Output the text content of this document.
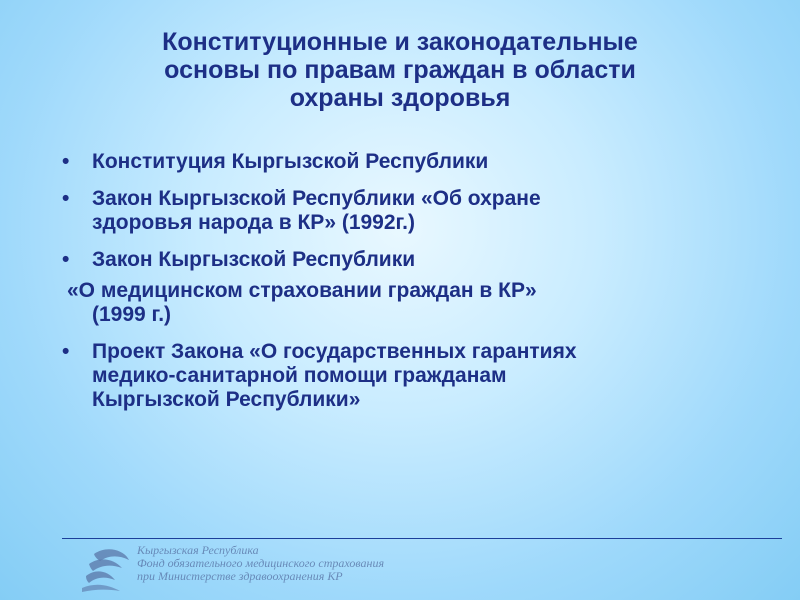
Конституционные и законодательные
основы по правам граждан в области
охраны здоровья
• Конституция Кыргызской Республики
• Закон Кыргызской Республики «Об охране
здоровья народа в КР» (1992г.)
• Закон Кыргызской Республики
«О медицинском страховании граждан в КР»
(1999 г.)
• Проект Закона «О государственных гарантиях
медико-санитарной помощи гражданам
Кыргызской Республики»
Кыргызская Республика
Фонд обязательного медицинского страхования
при Министерстве здравоохранения КР
